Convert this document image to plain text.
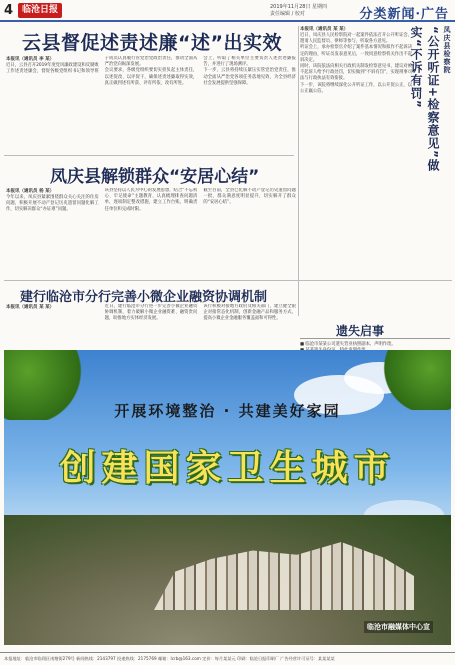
4 临沧日报	2019年11月28日 星期四
责任编辑 / 校对	分类新闻·广告
云县督促述责述廉“述”出实效
本报讯（通讯员 李 某）

近日，云县召开2019年度党风廉政建设和反腐败工作述责述廉会，督促各级党组织书记和领导班子成员认真履行管党治党政治责任，推动全面从严治党向纵深发展。

会议要求，各级党组织要切实担负起主体责任，以述促改、以评促干，确保述责述廉取得实效，真正做到述有所获、评有所依、改有所进。

会上，听取了相关单位主要负责人述责述廉报告，并进行了现场测评。

下一步，云县将持续压紧压实管党治党责任，推动全面从严治党各项任务落地见效，为全县经济社会发展提供坚强保障。

凤庆县解锁群众“安居心结”
本报讯（通讯员 杨 某）

今年以来，凤庆县紧紧围绕群众关心关注的住房问题，积极开展不动产登记历史遗留问题化解工作，切实解决群众“办证难”问题。

该县坚持以人民为中心的发展思想，结合“不忘初心、牢记使命”主题教育，认真梳理排查问题清单，逐项制定整改措施，建立工作台账，明确责任单位和完成时限。

截至目前，全县已化解不动产登记历史遗留问题一批，群众满意度明显提升，切实解开了群众的“安居心结”。

建行临沧市分行完善小微企业融资协调机制
本报讯（通讯员 某 某）	近日，建行临沧市分行进一步完善小微企业融资协调机制，着力破解小微企业融资难、融资贵问题，助推地方实体经济发展。

该行积极对接地方政府及相关部门，建立健全银企对接常态化机制，创新金融产品和服务方式，提高小微企业金融服务覆盖面和可得性。

凤庆县检察院
“公开听证+检察意见”做实“不诉有罚”
本报讯（通讯员 某 某）

近日，凤庆县人民检察院对一起案件依法召开公开听证会，邀请人民监督员、律师等参与，听取各方意见。

听证会上，承办检察官介绍了案件基本情况和拟作不起诉决定的理由，听证员发表意见后，一致同意检察机关作出不起诉决定。

同时，该院依法向相关行政机关制发检察意见书，建议对被不起诉人给予行政处罚，切实做到“不诉有罚”，实现刑事司法与行政执法有效衔接。

下一步，该院将继续深化公开听证工作，以公开促公正，以公正赢公信。

遗失启事

■ 临沧市某某公司遗失营业执照副本，声明作废。

开展环境整治 · 共建美好家园
创建国家卫生城市
临沧市融媒体中心宣
本报地址：临沧市临翔区南塘街279号 新闻热线：2143797 投递热线：2175769 邮箱：lcrb@163.com 定价：每月某某元 印刷：临沧日报印刷厂 广告经营许可证号：某某某某
